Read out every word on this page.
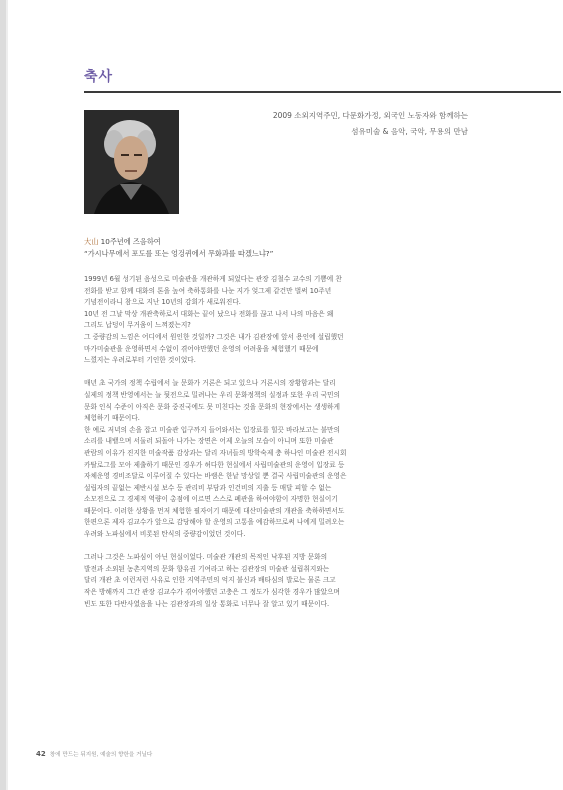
축사
2009 소외지역주민, 다문화가정, 외국인 노동자와 함께하는
섬유미술 & 음악, 국악, 무용의 만남
大山 10주년에 즈음하여
“가시나무에서 포도를 또는 엉겅퀴에서 무화과를 따겠느냐?”

1999년 6월 성기된 음성으로 미술관을 개관하게 되었다는 관장 김철수 교수의 기쁨에 찬
전화를 받고 함께 대화의 톤을 높여 축하통화를 나눈 지가 엊그제 같건만 벌써 10주년
기념전이라니 참으로 지난 10년의 감회가 새로워진다.
10년 전 그날 막상 개관축하로서 대화는 끝이 났으나 전화를 끊고 나서 나의 마음은 왜
그리도 납덩이 무거움이 느껴졌는지?
그 중량감의 느낌은 어디에서 원인한 것일까? 그것은 내가 김관장에 앞서 용인에 설립했던
마가미술관을 운영하면서 수없이 겪어야만했던 운영의 어려움을 체험했기 때문에
느꼈지는 우려로부터 기인한 것이었다.

매년 초 국가의 정책 수립에서 늘 문화가 거론은 되고 있으나 거론시의 장황함과는 달리
실제의 정책 반영에서는 늘 뒷전으로 밀려나는 우리 문화정책의 실정과 또한 우리 국민의
문화 인식 수준이 아직은 문화 중진국에도 못 미친다는 것을 문화의 현장에서는 생생하게
체험하기 때문이다.
한 예로 저녁의 손을 잡고 미술관 입구까지 들어와서는 입장료를 힐끗 바라보고는 불만의
소리를 내뱉으며 서둘러 되돌아 나가는 장면은 어제 오늘의 모습이 아니며 또한 미술관
관람의 이유가 진지한 미술작품 감상과는 달리 자녀들의 방학숙제 충 하나인 미술관 전시회
카탈로그를 모아 제출하기 때문인 경우가 허다한 현실에서 사립미술관의 운영이 입장료 등
자체운영 경비조달로 이루어질 수 있다는 바램은 한낱 망상일 뿐 결국 사립미술관의 운영은
설립자의 끝없는 제반시설 보수 등 관리비 부담과 인건비의 지출 등 매달 피할 수 없는
소모전으로 그 경제적 역량이 총점에 이르면 스스로 폐관을 하여야함이 자명한 현실이기
때문이다. 이러한 상황을 먼저 체험한 필자이기 때문에 대산미술관의 개관을 축하하면서도
한편으론 제자 김교수가 앞으로 감당해야 할 운영의 고통을 예감하므로써 나에게 밀려오는
우려와 노파심에서 비롯된 탄식의 중량감이었던 것이다.

그러나 그것은 노파심이 아닌 현실이었다. 미술관 개관의 목적인 낙후된 지방 문화의
발전과 소외된 농촌지역의 문화 향유권 기여라고 하는 김관장의 미술관 설립취지와는
달리 개관 초 이런저런 사유로 인한 지역주민의 억지 불신과 배타심의 발로는 물론 크고
작은 방해까지 그간 관장 김교수가 겪어야했던 고충은 그 정도가 심각한 경우가 많았으며
빈도 또한 다반사였음을 나는 김관장과의 일상 통화로 너무나 잘 알고 있기 때문이다.

42 창에 만드는 뒤지원, 예술의 향한을 거닐다
